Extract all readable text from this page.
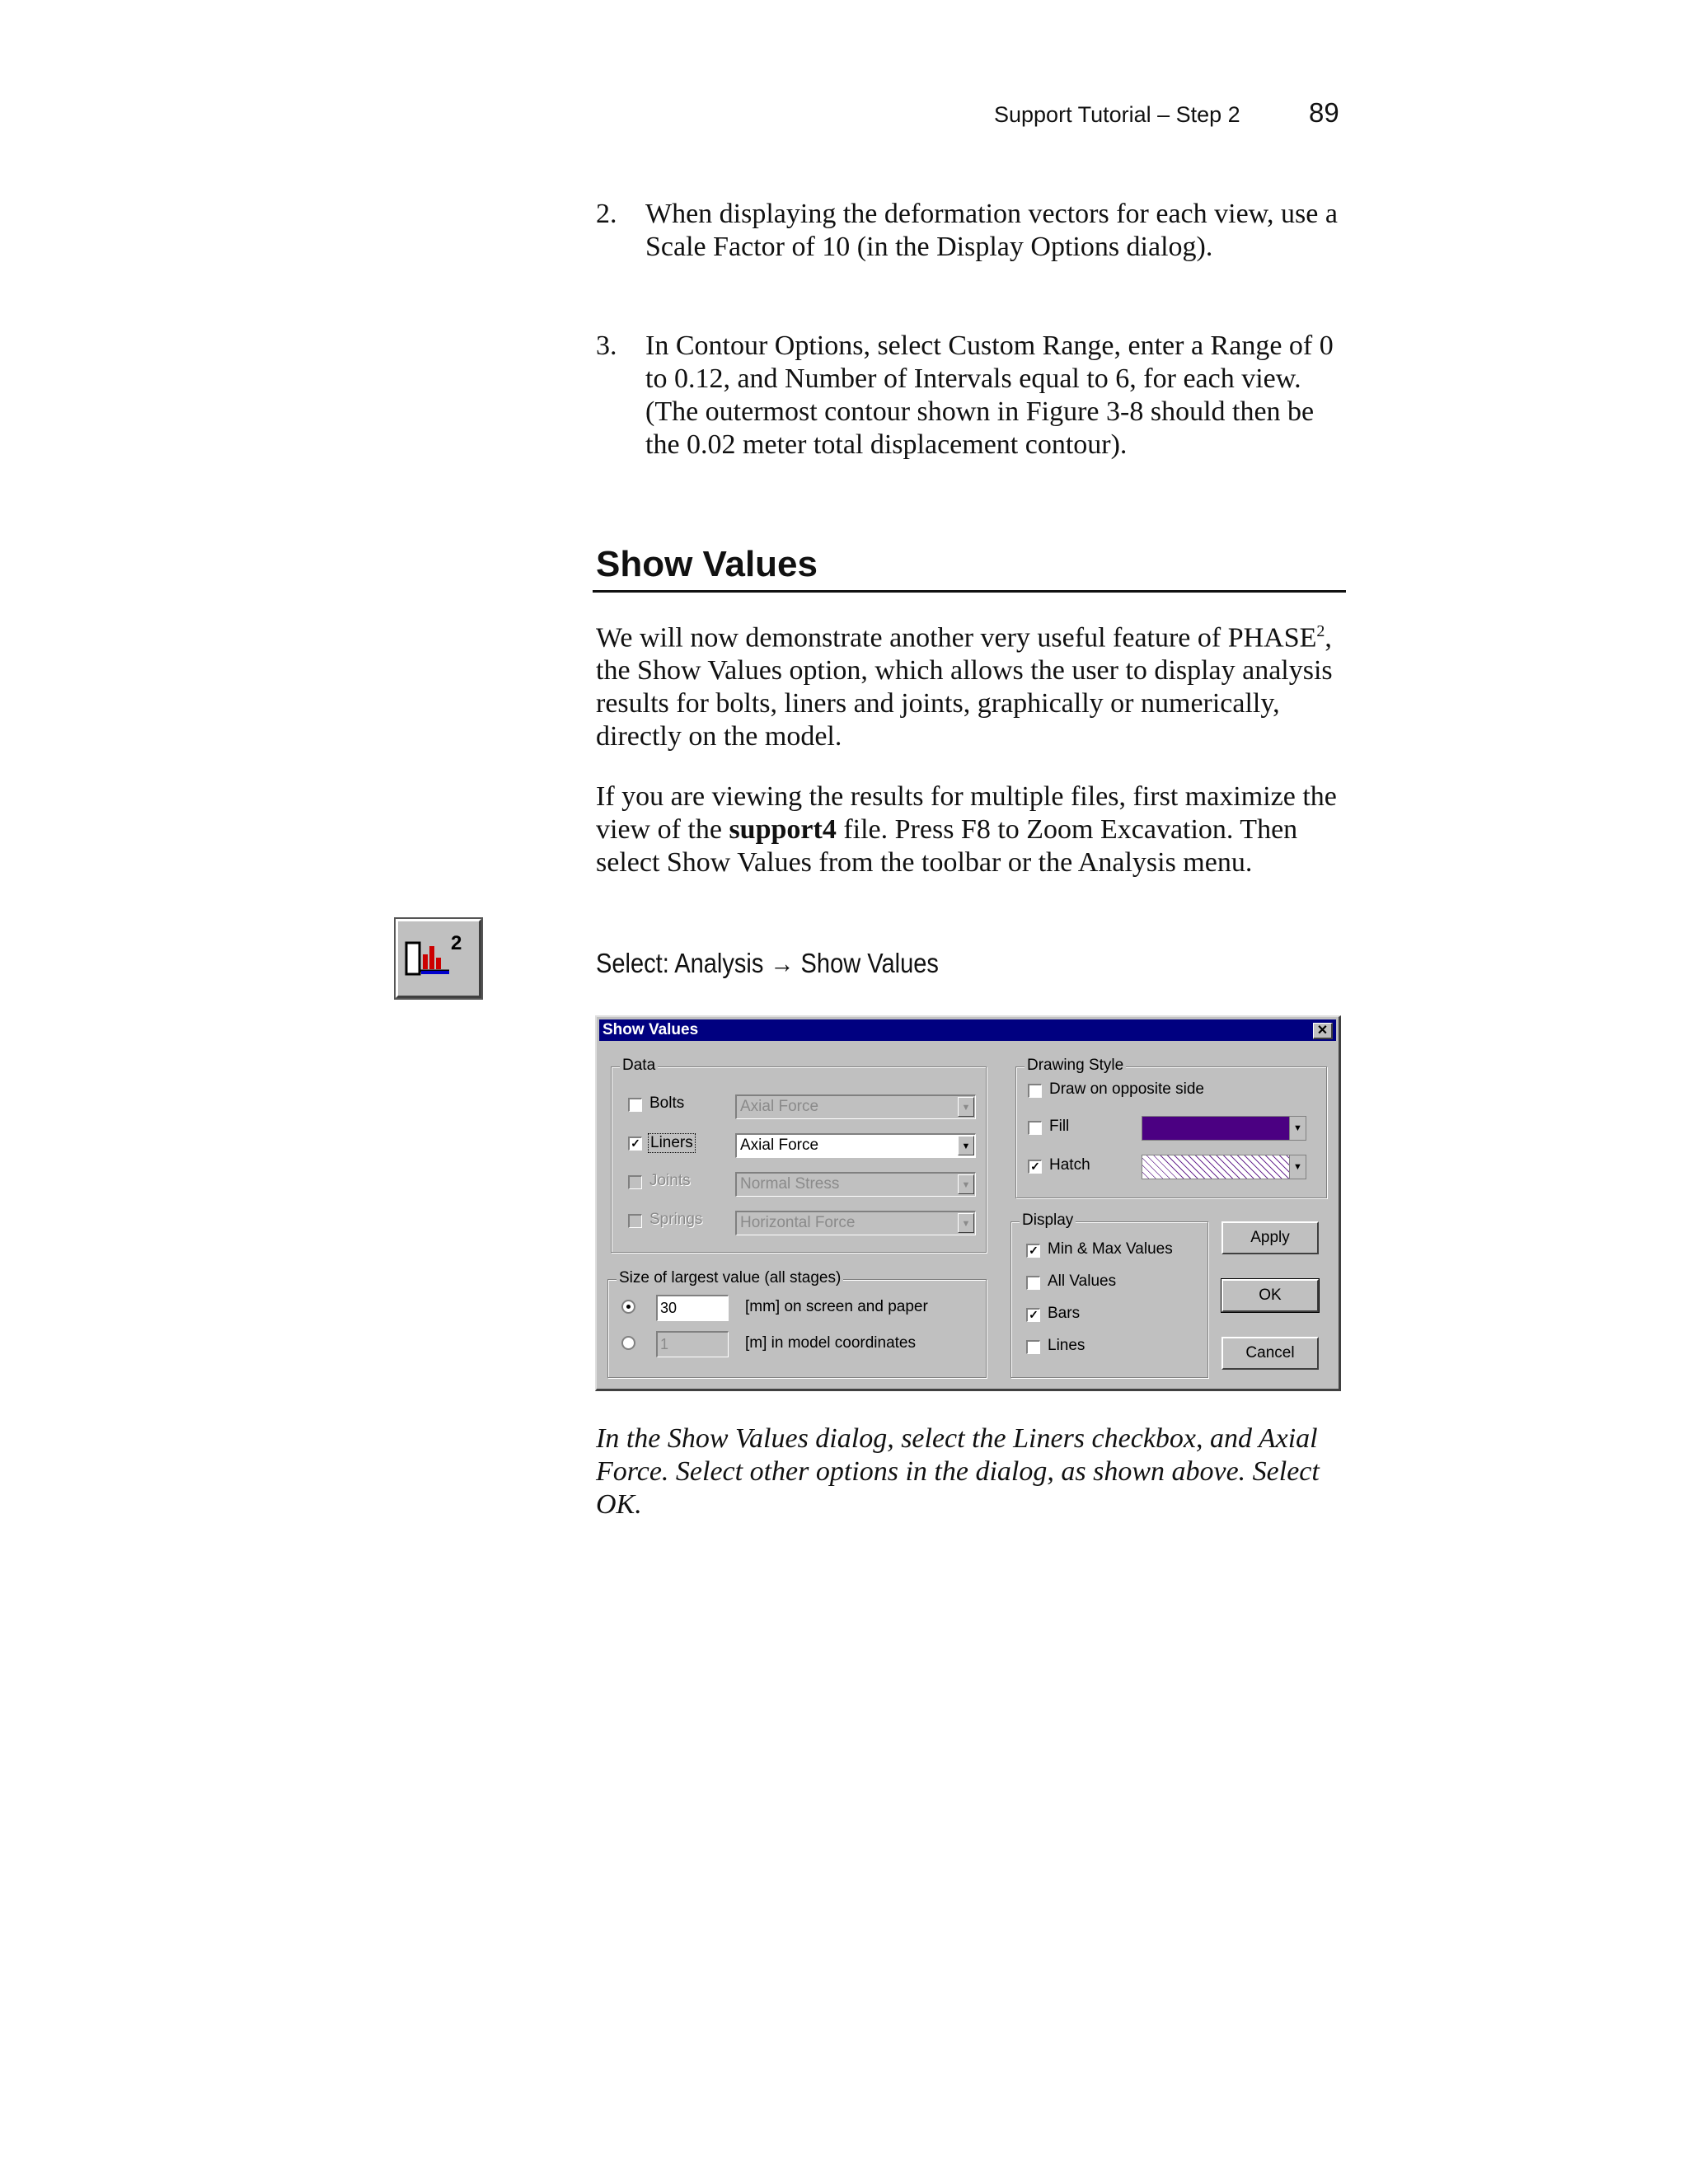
Support Tutorial – Step 2	89
2. When displaying the deformation vectors for each view, use a Scale Factor of 10 (in the Display Options dialog).
3. In Contour Options, select Custom Range, enter a Range of 0 to 0.12, and Number of Intervals equal to 6, for each view. (The outermost contour shown in Figure 3-8 should then be the 0.02 meter total displacement contour).
Show Values
We will now demonstrate another very useful feature of PHASE$^2$, the Show Values option, which allows the user to display analysis results for bolts, liners and joints, graphically or numerically, directly on the model.
If you are viewing the results for multiple files, first maximize the view of the support4 file. Press F8 to Zoom Excavation. Then select Show Values from the toolbar or the Analysis menu.
2
Select: Analysis → Show Values
Show Values	✕
Data
Bolts	Axial Force	▼
✓ Liners	Axial Force	▼
Joints	Normal Stress	▼
Springs	Horizontal Force	▼
Size of largest value (all stages)
30	[mm] on screen and paper
1	[m] in model coordinates
Drawing Style
Draw on opposite side
Fill	▼
✓ Hatch	▼
Display
✓ Min & Max Values
All Values
✓ Bars
Lines
Apply
OK
Cancel
In the Show Values dialog, select the Liners checkbox, and Axial Force. Select other options in the dialog, as shown above. Select OK.
